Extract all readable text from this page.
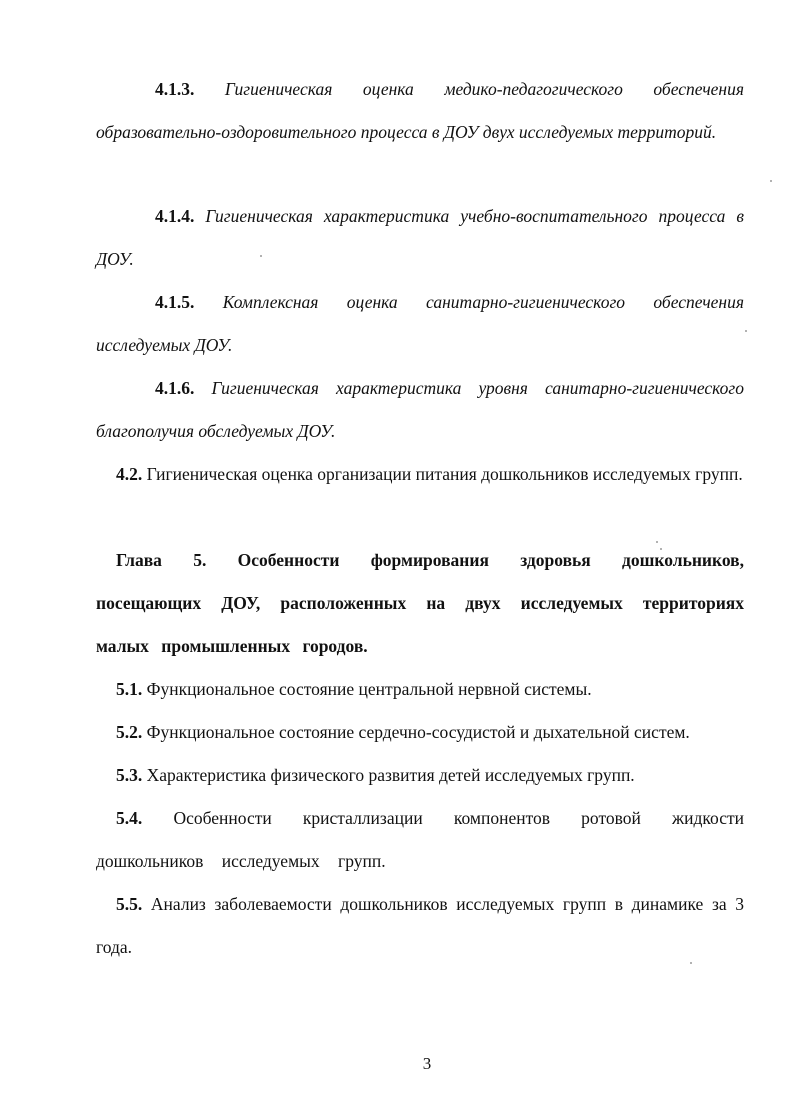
4.1.3. Гигиеническая оценка медико-педагогического обеспечения образовательно-оздоровительного процесса в ДОУ двух исследуемых территорий.

4.1.4. Гигиеническая характеристика учебно-воспитательного процесса в ДОУ.

4.1.5. Комплексная оценка санитарно-гигиенического обеспечения исследуемых ДОУ.

4.1.6. Гигиеническая характеристика уровня санитарно-гигиенического благополучия обследуемых ДОУ.

4.2. Гигиеническая оценка организации питания дошкольников исследуемых групп.

Глава 5. Особенности формирования здоровья дошкольников, посещающих ДОУ, расположенных на двух исследуемых территориях малых промышленных городов.

5.1. Функциональное состояние центральной нервной системы.

5.2. Функциональное состояние сердечно-сосудистой и дыхательной систем.

5.3. Характеристика физического развития детей исследуемых групп.

5.4. Особенности кристаллизации компонентов ротовой жидкости дошкольников исследуемых групп.

5.5. Анализ заболеваемости дошкольников исследуемых групп в динамике за 3 года.

3
